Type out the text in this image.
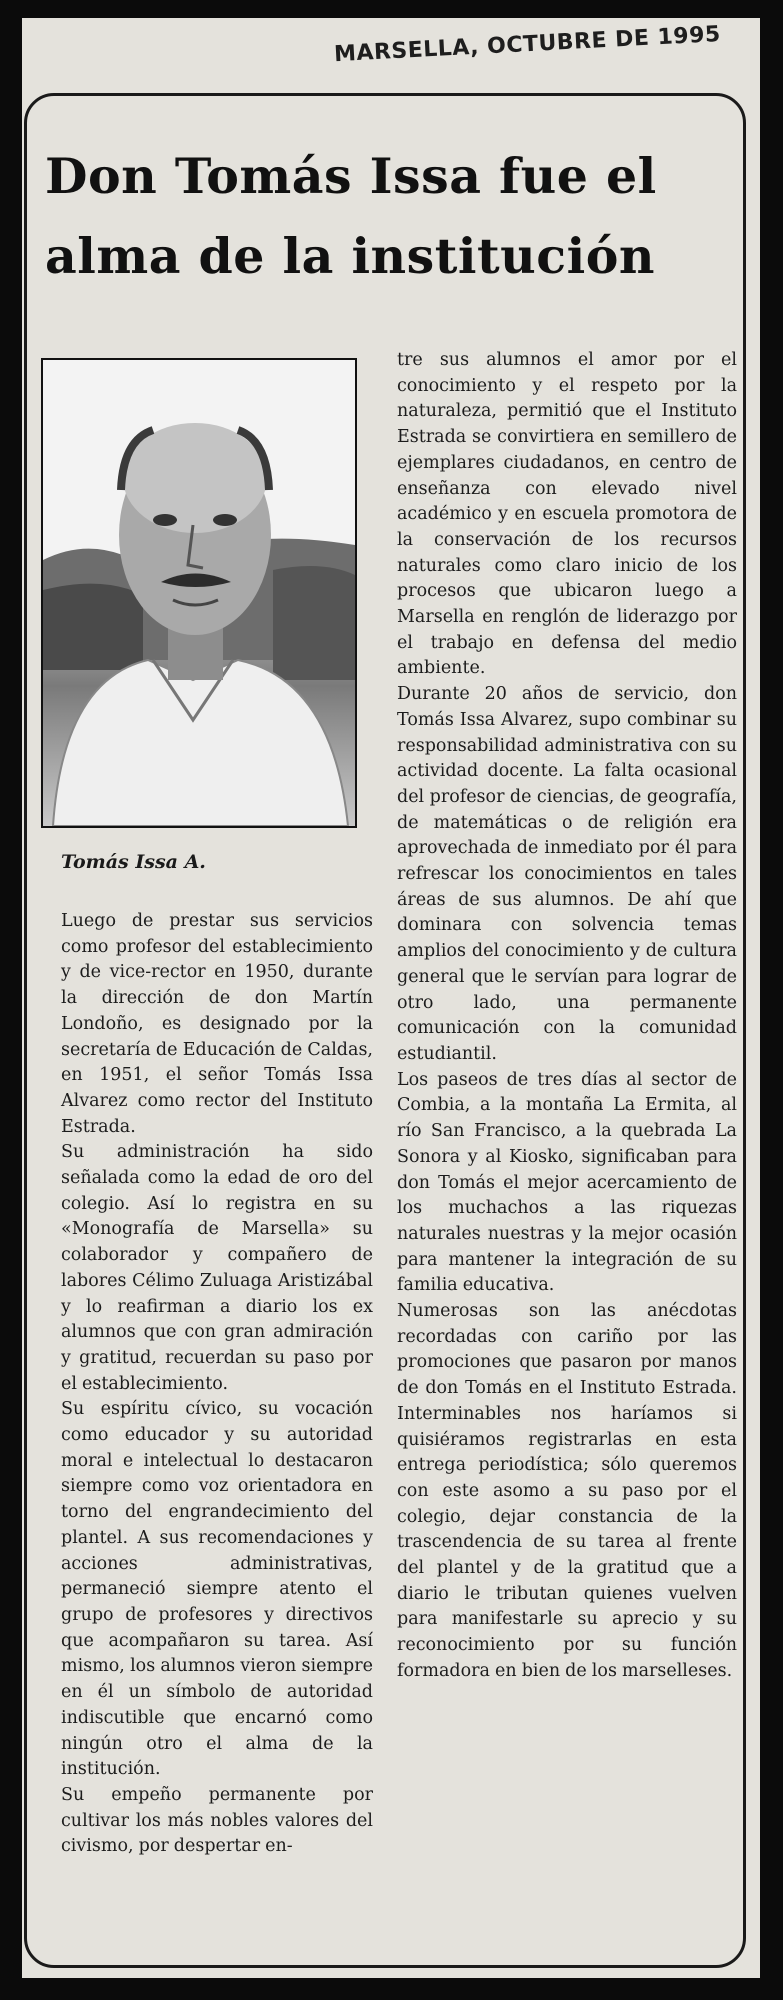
MARSELLA, OCTUBRE DE 1995
Don Tomás Issa fue el alma de la institución
Tomás Issa A.

Luego de prestar sus servicios como profesor del establecimiento y de vice-rector en 1950, durante la dirección de don Martín Londoño, es designado por la secretaría de Educación de Caldas, en 1951, el señor Tomás Issa Alvarez como rector del Instituto Estrada.

Su administración ha sido señalada como la edad de oro del colegio. Así lo registra en su «Monografía de Marsella» su colaborador y compañero de labores Célimo Zuluaga Aristizábal y lo reafirman a diario los ex alumnos que con gran admiración y gratitud, recuerdan su paso por el establecimiento.

Su espíritu cívico, su vocación como educador y su autoridad moral e intelectual lo destacaron siempre como voz orientadora en torno del engrandecimiento del plantel. A sus recomendaciones y acciones administrativas, permaneció siempre atento el grupo de profesores y directivos que acompañaron su tarea. Así mismo, los alumnos vieron siempre en él un símbolo de autoridad indiscutible que encarnó como ningún otro el alma de la institución.

Su empeño permanente por cultivar los más nobles valores del civismo, por despertar en-

tre sus alumnos el amor por el conocimiento y el respeto por la naturaleza, permitió que el Instituto Estrada se convirtiera en semillero de ejemplares ciudadanos, en centro de enseñanza con elevado nivel académico y en escuela promotora de la conservación de los recursos naturales como claro inicio de los procesos que ubicaron luego a Marsella en renglón de liderazgo por el trabajo en defensa del medio ambiente.

Durante 20 años de servicio, don Tomás Issa Alvarez, supo combinar su responsabilidad administrativa con su actividad docente. La falta ocasional del profesor de ciencias, de geografía, de matemáticas o de religión era aprovechada de inmediato por él para refrescar los conocimientos en tales áreas de sus alumnos. De ahí que dominara con solvencia temas amplios del conocimiento y de cultura general que le servían para lograr de otro lado, una permanente comunicación con la comunidad estudiantil.

Los paseos de tres días al sector de Combia, a la montaña La Ermita, al río San Francisco, a la quebrada La Sonora y al Kiosko, significaban para don Tomás el mejor acercamiento de los muchachos a las riquezas naturales nuestras y la mejor ocasión para mantener la integración de su familia educativa.

Numerosas son las anécdotas recordadas con cariño por las promociones que pasaron por manos de don Tomás en el Instituto Estrada. Interminables nos haríamos si quisiéramos registrarlas en esta entrega periodística; sólo queremos con este asomo a su paso por el colegio, dejar constancia de la trascendencia de su tarea al frente del plantel y de la gratitud que a diario le tributan quienes vuelven para manifestarle su aprecio y su reconocimiento por su función formadora en bien de los marselleses.
